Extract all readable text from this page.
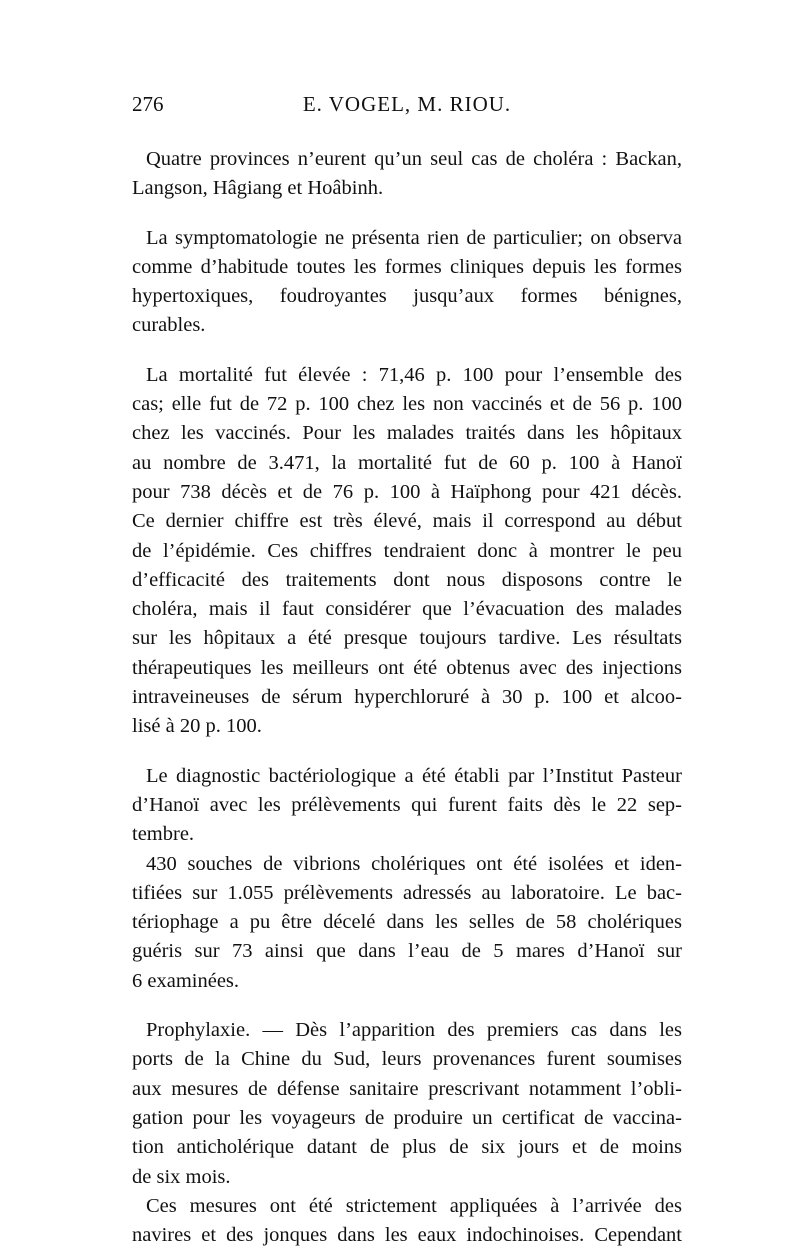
276	E. VOGEL, M. RIOU.
Quatre provinces n’eurent qu’un seul cas de choléra : Backan,
Langson, Hâgiang et Hoâbinh.
La symptomatologie ne présenta rien de particulier; on observa
comme d’habitude toutes les formes cliniques depuis les formes
hypertoxiques, foudroyantes jusqu’aux formes bénignes,
curables.
La mortalité fut élevée : 71,46 p. 100 pour l’ensemble des
cas; elle fut de 72 p. 100 chez les non vaccinés et de 56 p. 100
chez les vaccinés. Pour les malades traités dans les hôpitaux
au nombre de 3.471, la mortalité fut de 60 p. 100 à Hanoï
pour 738 décès et de 76 p. 100 à Haïphong pour 421 décès.
Ce dernier chiffre est très élevé, mais il correspond au début
de l’épidémie. Ces chiffres tendraient donc à montrer le peu
d’efficacité des traitements dont nous disposons contre le
choléra, mais il faut considérer que l’évacuation des malades
sur les hôpitaux a été presque toujours tardive. Les résultats
thérapeutiques les meilleurs ont été obtenus avec des injections
intraveineuses de sérum hyperchloruré à 30 p. 100 et alcoo-
lisé à 20 p. 100.
Le diagnostic bactériologique a été établi par l’Institut Pasteur
d’Hanoï avec les prélèvements qui furent faits dès le 22 sep-
tembre.
430 souches de vibrions cholériques ont été isolées et iden-
tifiées sur 1.055 prélèvements adressés au laboratoire. Le bac-
tériophage a pu être décelé dans les selles de 58 cholériques
guéris sur 73 ainsi que dans l’eau de 5 mares d’Hanoï sur
6 examinées.
Prophylaxie. — Dès l’apparition des premiers cas dans les
ports de la Chine du Sud, leurs provenances furent soumises
aux mesures de défense sanitaire prescrivant notamment l’obli-
gation pour les voyageurs de produire un certificat de vaccina-
tion anticholérique datant de plus de six jours et de moins
de six mois.
Ces mesures ont été strictement appliquées à l’arrivée des
navires et des jonques dans les eaux indochinoises. Cependant
